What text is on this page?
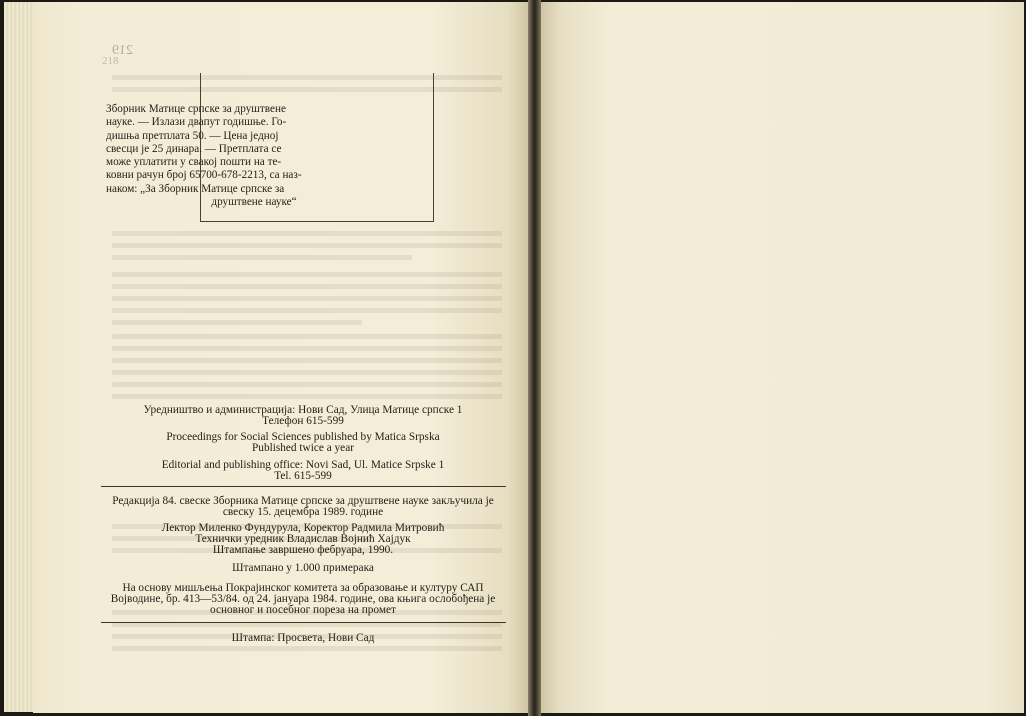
219
218
Зборник Матице српске за друштвене
науке. — Излази двапут годишње. Го-
дишња претплата 50. — Цена једној
свесци је 25 динара. — Претплата се
може уплатити у свакој пошти на те-
ковни рачун број 65700-678-2213, са наз-
наком: „За Зборник Матице српске за
друштвене науке“
Уредништво и администрација: Нови Сад, Улица Матице српске 1
Телефон 615-599
Proceedings for Social Sciences published by Matica Srpska
Published twice a year
Editorial and publishing office: Novi Sad, Ul. Matice Srpske 1
Tel. 615-599
Редакција 84. свеске Зборника Матице српске за друштвене науке закључила је
свеску 15. децембра 1989. године
Лектор Миленко Фундурула, Коректор Радмила Митровић
Технички уредник Владислав Војнић Хајдук
Штампање завршено фебруара, 1990.
Штампано у 1.000 примерака
На основу мишљења Покрајинског комитета за образовање и културу САП
Војводине, бр. 413—53/84. од 24. јануара 1984. године, ова књига ослобођена је
основног и посебног пореза на промет
Штампа: Просвета, Нови Сад
